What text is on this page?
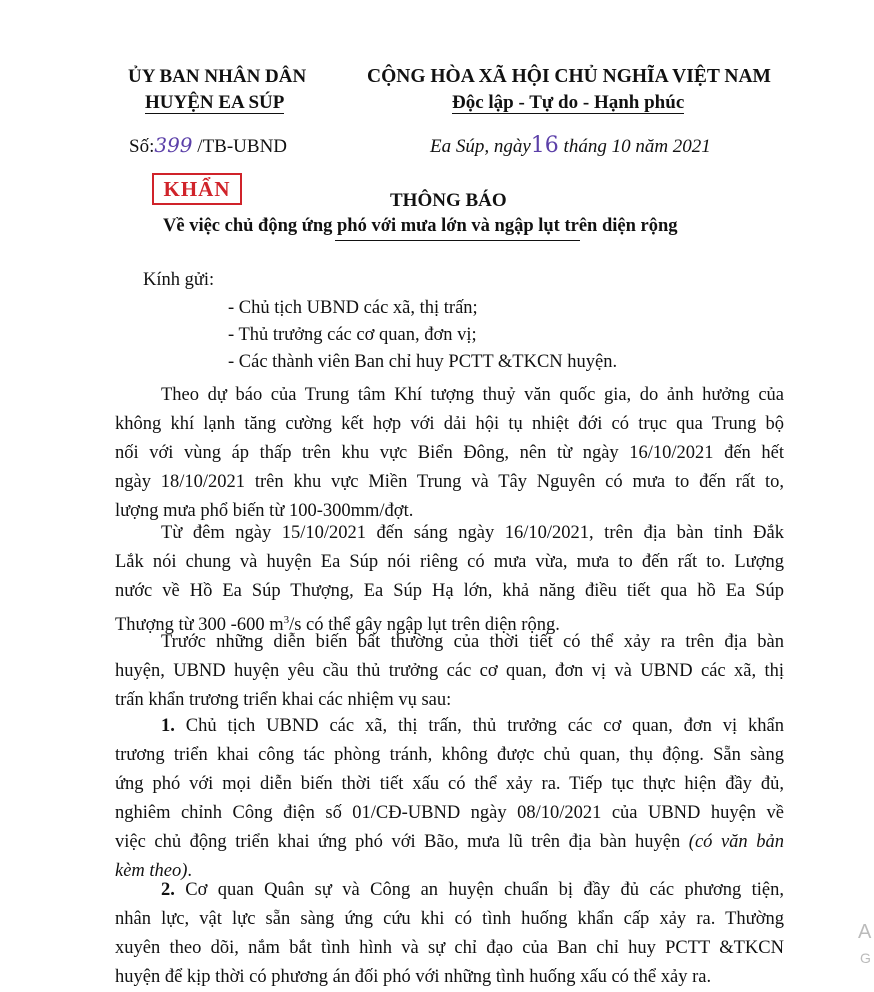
ỦY BAN NHÂN DÂN
HUYỆN EA SÚP
CỘNG HÒA XÃ HỘI CHỦ NGHĨA VIỆT NAM
Độc lập - Tự do - Hạnh phúc
Số:399 /TB-UBND	Ea Súp, ngày16 tháng 10 năm 2021
KHẨN	THÔNG BÁO
Về việc chủ động ứng phó với mưa lớn và ngập lụt trên diện rộng
Kính gửi:
- Chủ tịch UBND các xã, thị trấn;
- Thủ trưởng các cơ quan, đơn vị;
- Các thành viên Ban chỉ huy PCTT &TKCN huyện.
Theo dự báo của Trung tâm Khí tượng thuỷ văn quốc gia, do ảnh hưởng của
không khí lạnh tăng cường kết hợp với dải hội tụ nhiệt đới có trục qua Trung bộ
nối với vùng áp thấp trên khu vực Biển Đông, nên từ ngày 16/10/2021 đến hết
ngày 18/10/2021 trên khu vực Miền Trung và Tây Nguyên có mưa to đến rất to,
lượng mưa phổ biến từ 100-300mm/đợt.
Từ đêm ngày 15/10/2021 đến sáng ngày 16/10/2021, trên địa bàn tỉnh Đắk
Lắk nói chung và huyện Ea Súp nói riêng có mưa vừa, mưa to đến rất to. Lượng
nước về Hồ Ea Súp Thượng, Ea Súp Hạ lớn, khả năng điều tiết qua hồ Ea Súp
Thượng từ 300 -600 $m^3/s$ có thể gây ngập lụt trên diện rộng.
Trước những diễn biến bất thường của thời tiết có thể xảy ra trên địa bàn
huyện, UBND huyện yêu cầu thủ trưởng các cơ quan, đơn vị và UBND các xã, thị
trấn khẩn trương triển khai các nhiệm vụ sau:
1. Chủ tịch UBND các xã, thị trấn, thủ trưởng các cơ quan, đơn vị khẩn
trương triển khai công tác phòng tránh, không được chủ quan, thụ động. Sẵn sàng
ứng phó với mọi diễn biến thời tiết xấu có thể xảy ra. Tiếp tục thực hiện đầy đủ,
nghiêm chỉnh Công điện số 01/CĐ-UBND ngày 08/10/2021 của UBND huyện về
việc chủ động triển khai ứng phó với Bão, mưa lũ trên địa bàn huyện (có văn bản
kèm theo).
2. Cơ quan Quân sự và Công an huyện chuẩn bị đầy đủ các phương tiện,
nhân lực, vật lực sẵn sàng ứng cứu khi có tình huống khẩn cấp xảy ra. Thường
xuyên theo dõi, nắm bắt tình hình và sự chỉ đạo của Ban chỉ huy PCTT &TKCN
huyện để kịp thời có phương án đối phó với những tình huống xấu có thể xảy ra.
A
G
